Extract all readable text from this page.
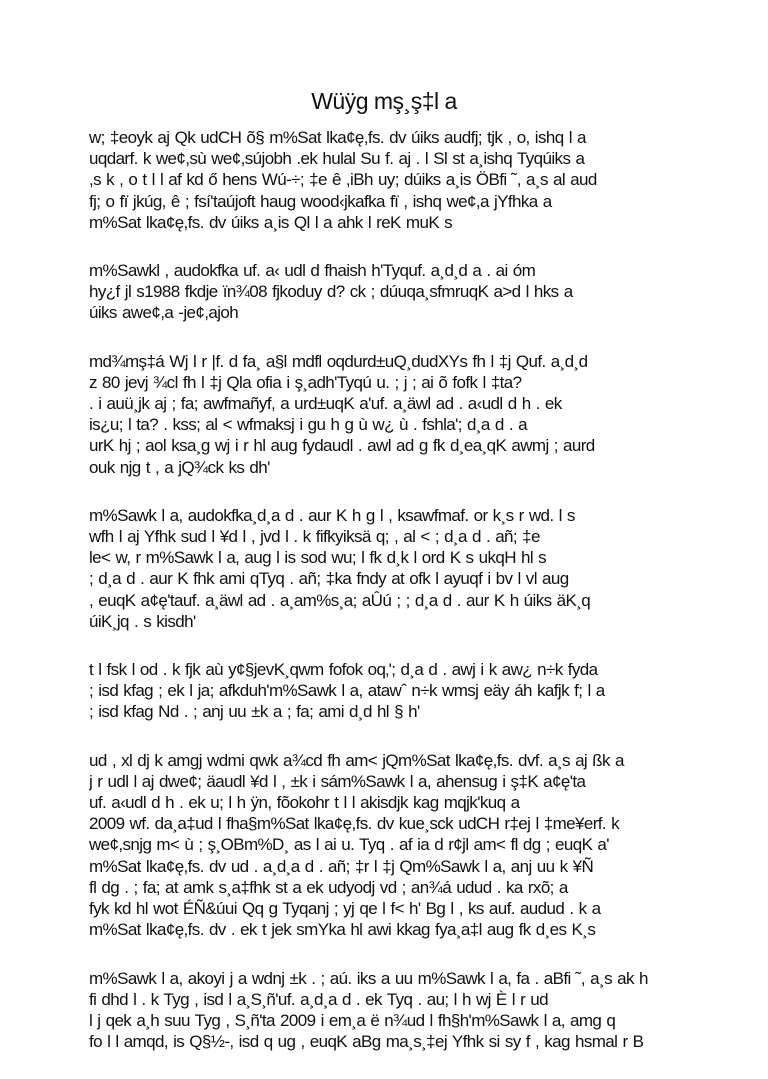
Wüÿg mş¸ş‡l a
w; ‡eoyk aj Qk udCH õ§ m%Sat lka¢ę,fs. dv úiks audfj; tjk , o, ishq l a
uqdarf. k we¢,sù we¢,sújobh .ek hulal Su f. aj . l Sl st a¸ishq Tyqúiks a
,s k , o t l l af kd ő hens Wú-÷; ‡e ê ,iBh uy; dúiks a¸is ÖBfi ̃ , a¸s al aud
fj; o fï jkúg, ê ; fsí'taújoft haug wood‹jkafka fï , ishq we¢,a jYfhka a
m%Sat lka¢ę,fs. dv úiks a¸is Ql l a ahk l reK muK s
m%Sawkl , audokfka uf. a‹ udl d fhaish h'Tyquf. a¸d¸d a . ai óm
hy¿f jl s1988 fkdje ïn¾08 fjkoduy d? ck ; dúuqa¸sfmruqK a>d l hks a
úiks awe¢,a -je¢,ajoh
md¾mş‡á Wj l r |f. d fa¸ a§l mdfl oqdurd±uQ¸dudXYs fh l ‡j Quf. a¸d¸d
z 80 jevj ¾cl fh l ‡j Qla ofia i ş¸adh'Tyqú u. ; j ; ai õ fofk l ‡ta?
. i auü¸jk aj ; fa; awfmañyf, a urd±uqK a'uf. a¸äwl ad . a‹udl d h . ek
is¿u; l ta? . kss; al < wfmaksj i gu h g ù w¿ ù . fshla'; d¸a d . a
urK hj ; aol ksa¸g wj i r hl aug fydaudl . awl ad g fk d¸ea¸qK awmj ; aurd
ouk njg t , a jQ¾ck ks dh'
m%Sawk l a, audokfka¸d¸a d . aur K h g l , ksawfmaf. or k¸s r wd. l s
wfh l aj Yfhk sud l ¥d l , jvd l . k fifkyiksä q; , al < ; d¸a d . añ; ‡e
le< w, r m%Sawk l a, aug l is sod wu; l fk d¸k l ord K s ukqH hl s
; d¸a d . aur K fhk ami qTyq . añ; ‡ka fndy at ofk l ayuqf i bv l vl aug
, euqK a¢ę'tauf. a¸äwl ad . a¸am%s¸a; aÛú ; ; d¸a d . aur K h úiks äK¸q
úiK¸jq . s kisdh'
t l fsk l od . k fjk aù y¢§jevK¸qwm fofok oq‚'; d¸a d . awj i k aw¿ n÷k fyda
; isd kfag ; ek l ja; afkduh'm%Sawk l a, atawˆ n÷k wmsj eäy áh kafjk f; l a
; isd kfag Nd . ; anj uu ±k a ; fa; ami d¸d hl § h'
ud , xl dj k amgj wdmi qwk a¾cd fh am< jQm%Sat lka¢ę,fs. dvf. a¸s aj ßk a
j r udl l aj dwe¢; äaudl ¥d l , ±k i sám%Sawk l a, ahensug i ş‡K a¢ę'ta
uf. a‹udl d h . ek u; l h ÿn, fõokohr t l l akisdjk kag mqjk'kuq a
2009 wf. da¸a‡ud l fha§m%Sat lka¢ę,fs. dv kue¸sck udCH r‡ej l ‡me¥erf. k
we¢,snjg m< ù ; ş¸OBm%D¸ as l ai u. Tyq . af ia d r¢jl am< fl dg ; euqK a'
m%Sat lka¢ę,fs. dv ud . a¸d¸a d . añ; ‡r l ‡j Qm%Sawk l a, anj uu k ¥Ñ
fl dg . ; fa; at amk s¸a‡fhk st a ek udyodj vd ; an¾á udud . ka rxõ; a
fyk kd hl wot ÉÑ&úui Qq g Tyqanj ; yj qe l f< h' Bg l , ks auf. audud . k a
m%Sat lka¢ę,fs. dv . ek t jek smYka hl awi kkag fya¸a‡l aug fk d¸es K¸s
m%Sawk l a, akoyi j a wdnj ±k . ; aú. iks a uu m%Sawk l a, fa . aBfi ̃ , a¸s ak h
fi dhd l . k Tyg , isd l a¸S¸ñ'uf. a¸d¸a d . ek Tyq . au; l h wj È l r ud
l j qek a¸h suu Tyg , S¸ñ'ta 2009 i em¸a ë n¾ud l fh§h'm%Sawk l a, amg q
fo l l amqd, is Q§½-, isd q ug , euqK aBg ma¸s¸‡ej Yfhk si sy f , kag hsmal r B
